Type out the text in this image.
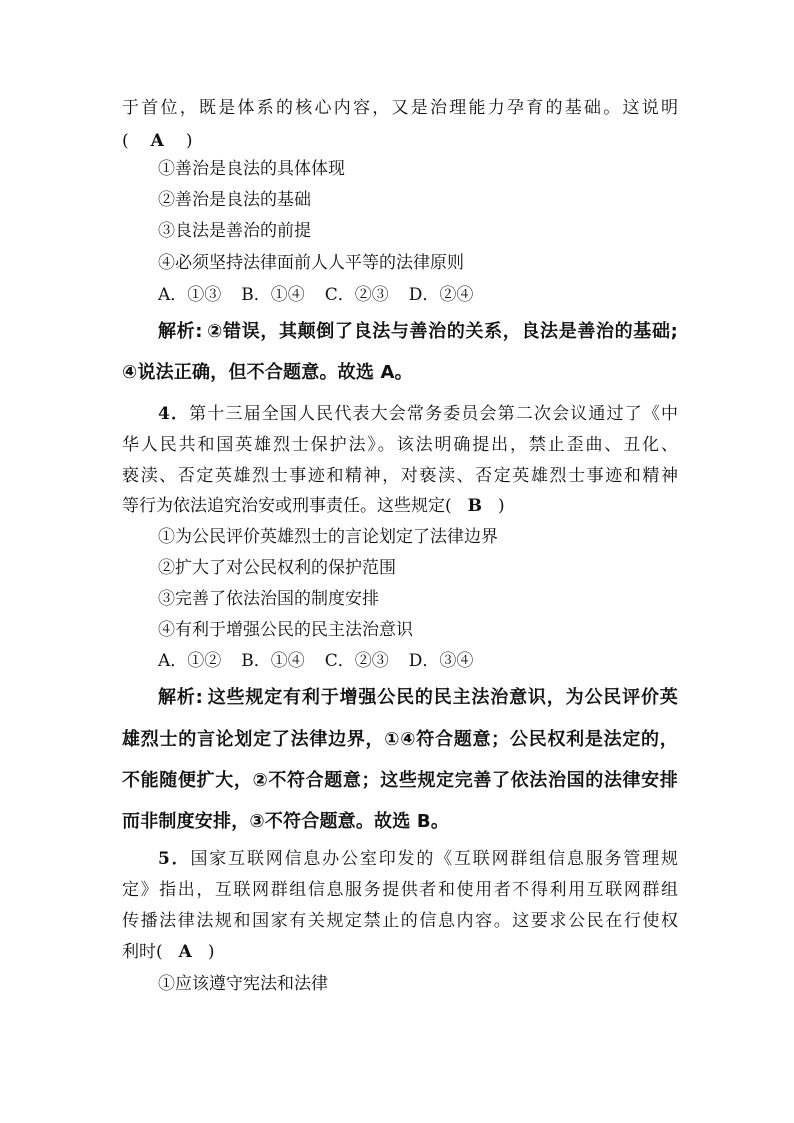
于首位，既是体系的核心内容，又是治理能力孕育的基础。这说明
( A )
①善治是良法的具体体现
②善治是良法的基础
③良法是善治的前提
④必须坚持法律面前人人平等的法律原则
A．①③ B．①④ C．②③ D．②④
解析: ②错误，其颠倒了良法与善治的关系，良法是善治的基础;
④说法正确，但不合题意。故选 A。
4．第十三届全国人民代表大会常务委员会第二次会议通过了《中
华人民共和国英雄烈士保护法》。该法明确提出，禁止歪曲、丑化、
亵渎、否定英雄烈士事迹和精神，对亵渎、否定英雄烈士事迹和精神
等行为依法追究治安或刑事责任。这些规定( B )
①为公民评价英雄烈士的言论划定了法律边界
②扩大了对公民权利的保护范围
③完善了依法治国的制度安排
④有利于增强公民的民主法治意识
A．①② B．①④ C．②③ D．③④
解析: 这些规定有利于增强公民的民主法治意识，为公民评价英
雄烈士的言论划定了法律边界，①④符合题意；公民权利是法定的，
不能随便扩大，②不符合题意；这些规定完善了依法治国的法律安排
而非制度安排，③不符合题意。故选 B。
5．国家互联网信息办公室印发的《互联网群组信息服务管理规
定》指出，互联网群组信息服务提供者和使用者不得利用互联网群组
传播法律法规和国家有关规定禁止的信息内容。这要求公民在行使权
利时( A )
①应该遵守宪法和法律
